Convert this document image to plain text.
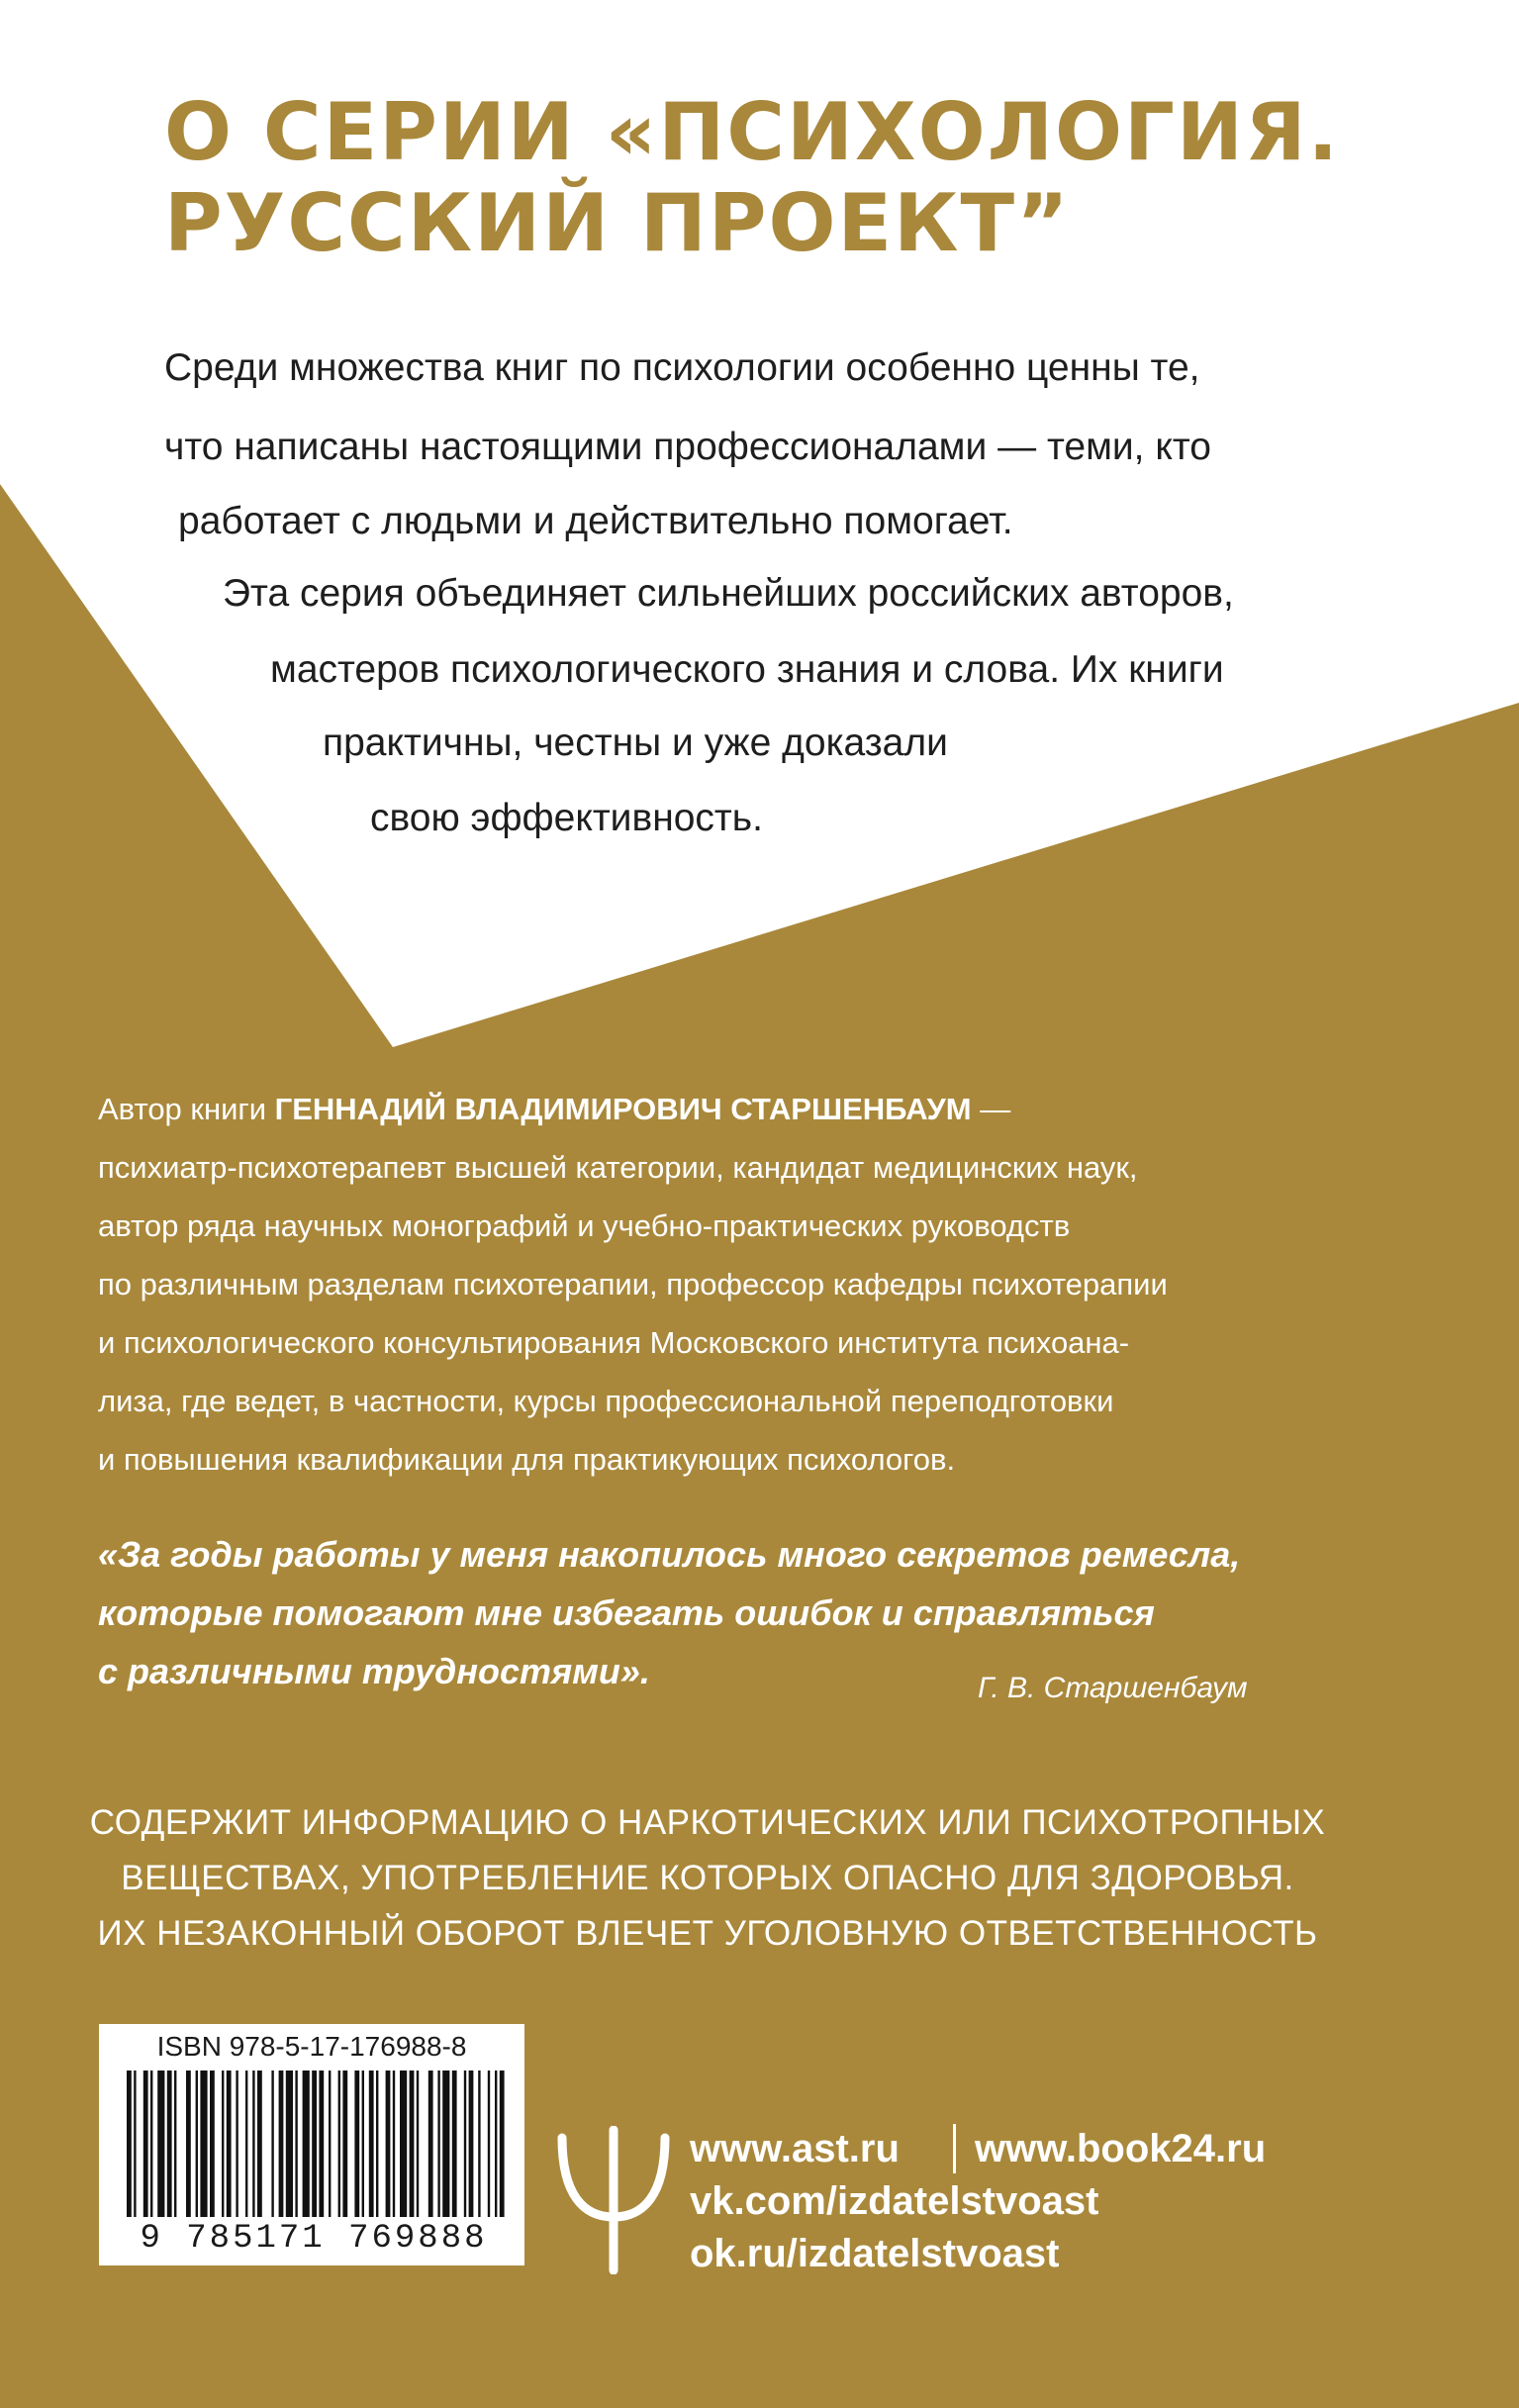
О СЕРИИ «ПСИХОЛОГИЯ.
РУССКИЙ ПРОЕКТ”

Среди множества книг по психологии особенно ценны те,

что написаны настоящими профессионалами — теми, кто

работает с людьми и действительно помогает.

Эта серия объединяет сильнейших российских авторов,

мастеров психологического знания и слова. Их книги

практичны, честны и уже доказали

свою эффективность.

Автор книги ГЕННАДИЙ ВЛАДИМИРОВИЧ СТАРШЕНБАУМ —
психиатр-психотерапевт высшей категории, кандидат медицинских наук,
автор ряда научных монографий и учебно-практических руководств
по различным разделам психотерапии, профессор кафедры психотерапии
и психологического консультирования Московского института психоана-
лиза, где ведет, в частности, курсы профессиональной переподготовки
и повышения квалификации для практикующих психологов.
«За годы работы у меня накопилось много секретов ремесла,
которые помогают мне избегать ошибок и справляться
с различными трудностями».	Г. В. Старшенбаум
СОДЕРЖИТ ИНФОРМАЦИЮ О НАРКОТИЧЕСКИХ ИЛИ ПСИХОТРОПНЫХ
ВЕЩЕСТВАХ, УПОТРЕБЛЕНИЕ КОТОРЫХ ОПАСНО ДЛЯ ЗДОРОВЬЯ.
ИХ НЕЗАКОННЫЙ ОБОРОТ ВЛЕЧЕТ УГОЛОВНУЮ ОТВЕТСТВЕННОСТЬ
ISBN 978-5-17-176988-8
9 785171 769888
www.ast.ru www.book24.ru
vk.com/izdatelstvoast
ok.ru/izdatelstvoast
